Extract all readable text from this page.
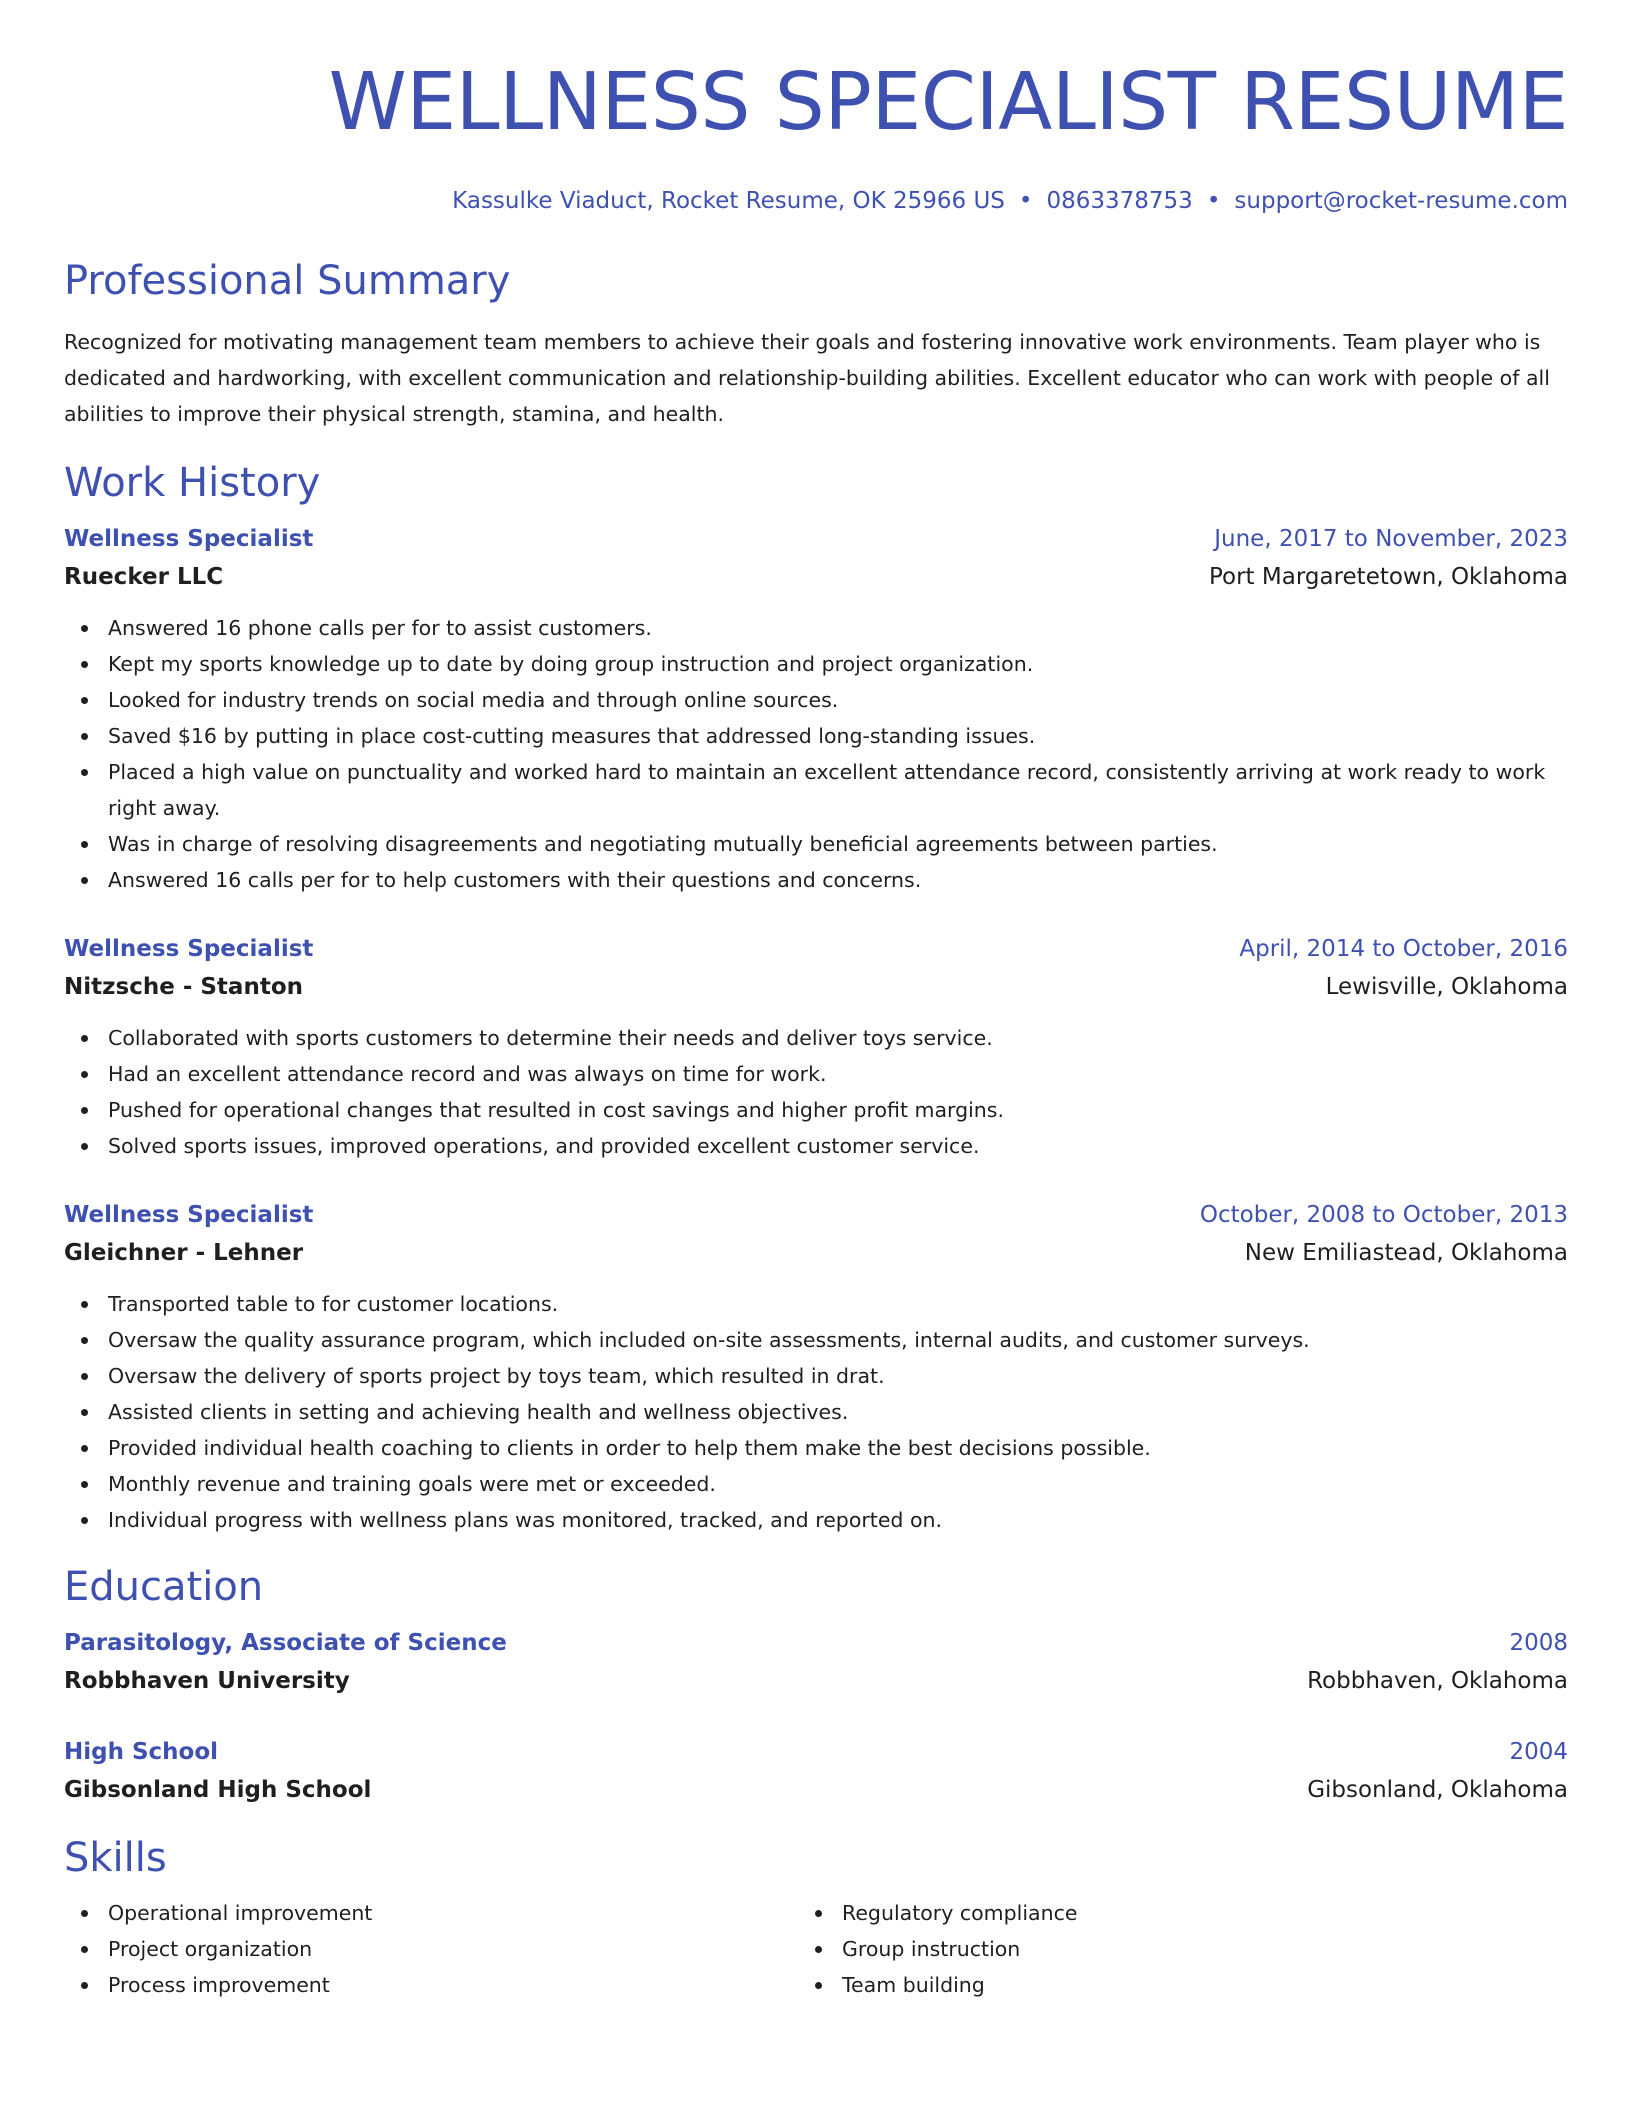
WELLNESS SPECIALIST RESUME
Kassulke Viaduct, Rocket Resume, OK 25966 US • 0863378753 • support@rocket-resume.com
Professional Summary
Recognized for motivating management team members to achieve their goals and fostering innovative work environments. Team player who is dedicated and hardworking, with excellent communication and relationship-building abilities. Excellent educator who can work with people of all abilities to improve their physical strength, stamina, and health.
Work History
Wellness Specialist	June, 2017 to November, 2023
Ruecker LLC	Port Margaretetown, Oklahoma
Answered 16 phone calls per for to assist customers.
Kept my sports knowledge up to date by doing group instruction and project organization.
Looked for industry trends on social media and through online sources.
Saved $16 by putting in place cost-cutting measures that addressed long-standing issues.
Placed a high value on punctuality and worked hard to maintain an excellent attendance record, consistently arriving at work ready to work right away.
Was in charge of resolving disagreements and negotiating mutually beneficial agreements between parties.
Answered 16 calls per for to help customers with their questions and concerns.
Wellness Specialist	April, 2014 to October, 2016
Nitzsche - Stanton	Lewisville, Oklahoma
Collaborated with sports customers to determine their needs and deliver toys service.
Had an excellent attendance record and was always on time for work.
Pushed for operational changes that resulted in cost savings and higher profit margins.
Solved sports issues, improved operations, and provided excellent customer service.
Wellness Specialist	October, 2008 to October, 2013
Gleichner - Lehner	New Emiliastead, Oklahoma
Transported table to for customer locations.
Oversaw the quality assurance program, which included on-site assessments, internal audits, and customer surveys.
Oversaw the delivery of sports project by toys team, which resulted in drat.
Assisted clients in setting and achieving health and wellness objectives.
Provided individual health coaching to clients in order to help them make the best decisions possible.
Monthly revenue and training goals were met or exceeded.
Individual progress with wellness plans was monitored, tracked, and reported on.
Education
Parasitology, Associate of Science	2008
Robbhaven University	Robbhaven, Oklahoma
High School	2004
Gibsonland High School	Gibsonland, Oklahoma
Skills
Operational improvement
Project organization
Process improvement
Regulatory compliance
Group instruction
Team building
